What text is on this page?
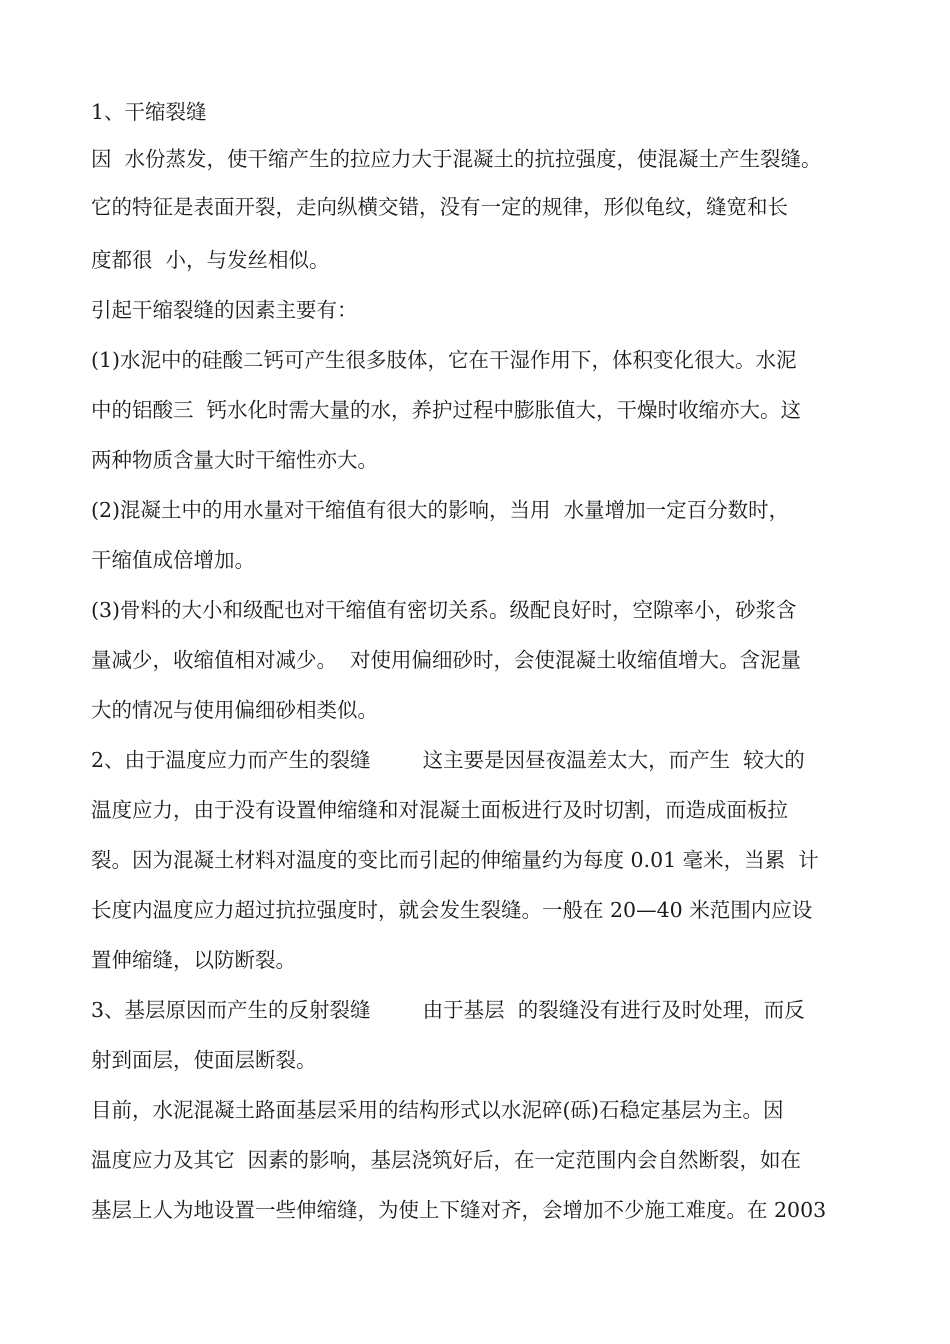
1、干缩裂缝
因  水份蒸发，使干缩产生的拉应力大于混凝土的抗拉强度，使混凝土产生裂缝。
它的特征是表面开裂，走向纵横交错，没有一定的规律，形似龟纹，缝宽和长
度都很  小，与发丝相似。
引起干缩裂缝的因素主要有：
(1)水泥中的硅酸二钙可产生很多肢体，它在干湿作用下，体积变化很大。水泥
中的铝酸三  钙水化时需大量的水，养护过程中膨胀值大，干燥时收缩亦大。这
两种物质含量大时干缩性亦大。
(2)混凝土中的用水量对干缩值有很大的影响，当用  水量增加一定百分数时，
干缩值成倍增加。
(3)骨料的大小和级配也对干缩值有密切关系。级配良好时，空隙率小，砂浆含
量减少，收缩值相对减少。  对使用偏细砂时，会使混凝土收缩值增大。含泥量
大的情况与使用偏细砂相类似。
2、由于温度应力而产生的裂缝        这主要是因昼夜温差太大，而产生  较大的
温度应力，由于没有设置伸缩缝和对混凝土面板进行及时切割，而造成面板拉
裂。因为混凝土材料对温度的变比而引起的伸缩量约为每度 0.01 毫米，当累  计
长度内温度应力超过抗拉强度时，就会发生裂缝。一般在 20—40 米范围内应设
置伸缩缝，以防断裂。
3、基层原因而产生的反射裂缝        由于基层  的裂缝没有进行及时处理，而反
射到面层，使面层断裂。
目前，水泥混凝土路面基层采用的结构形式以水泥碎(砾)石稳定基层为主。因
温度应力及其它  因素的影响，基层浇筑好后，在一定范围内会自然断裂，如在
基层上人为地设置一些伸缩缝，为使上下缝对齐，会增加不少施工难度。在 2003
